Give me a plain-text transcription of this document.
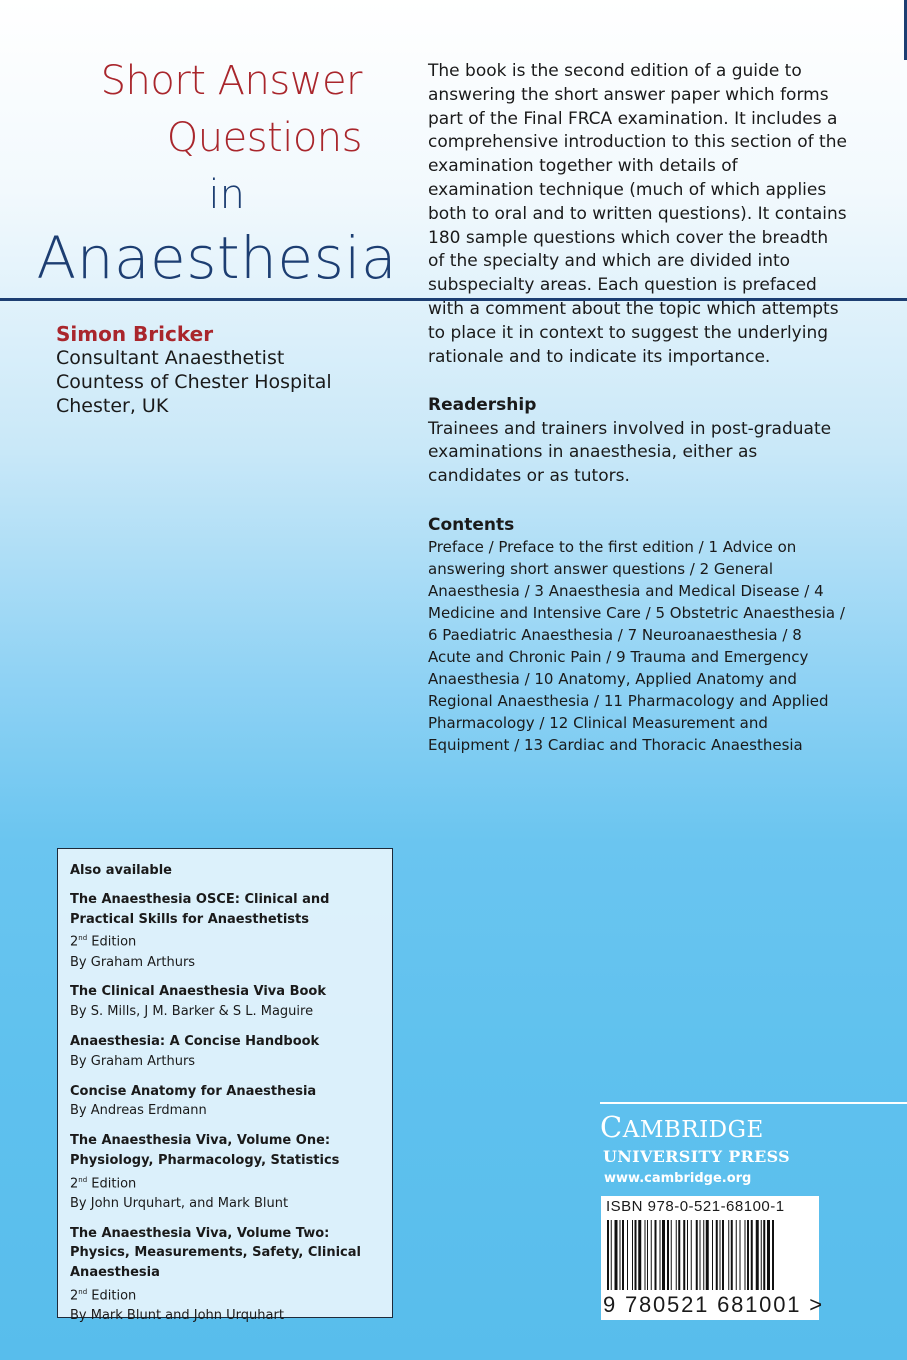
Short Answer
Questions
in
Anaesthesia
Simon Bricker
Consultant Anaesthetist
Countess of Chester Hospital
Chester, UK

The book is the second edition of a guide to answering the short answer paper which forms part of the Final FRCA examination. It includes a comprehensive introduction to this section of the examination together with details of examination technique (much of which applies both to oral and to written questions). It contains 180 sample questions which cover the breadth of the specialty and which are divided into subspecialty areas. Each question is prefaced with a comment about the topic which attempts to place it in context to suggest the underlying rationale and to indicate its importance.

Readership
Trainees and trainers involved in post-graduate examinations in anaesthesia, either as candidates or as tutors.
Contents
Preface / Preface to the first edition / 1 Advice on answering short answer questions / 2 General Anaesthesia / 3 Anaesthesia and Medical Disease / 4 Medicine and Intensive Care / 5 Obstetric Anaesthesia / 6 Paediatric Anaesthesia / 7 Neuroanaesthesia / 8 Acute and Chronic Pain / 9 Trauma and Emergency Anaesthesia / 10 Anatomy, Applied Anatomy and Regional Anaesthesia / 11 Pharmacology and Applied Pharmacology / 12 Clinical Measurement and Equipment / 13 Cardiac and Thoracic Anaesthesia
Also available
The Anaesthesia OSCE: Clinical and Practical Skills for Anaesthetists
2nd Edition
By Graham Arthurs
The Clinical Anaesthesia Viva Book
By S. Mills, J M. Barker & S L. Maguire
Anaesthesia: A Concise Handbook
By Graham Arthurs
Concise Anatomy for Anaesthesia
By Andreas Erdmann
The Anaesthesia Viva, Volume One: Physiology, Pharmacology, Statistics
2nd Edition
By John Urquhart, and Mark Blunt
The Anaesthesia Viva, Volume Two: Physics, Measurements, Safety, Clinical Anaesthesia
2nd Edition
By Mark Blunt and John Urquhart
CAMBRIDGE
UNIVERSITY PRESS
www.cambridge.org
ISBN 978-0-521-68100-1
9 780521 681001 >
